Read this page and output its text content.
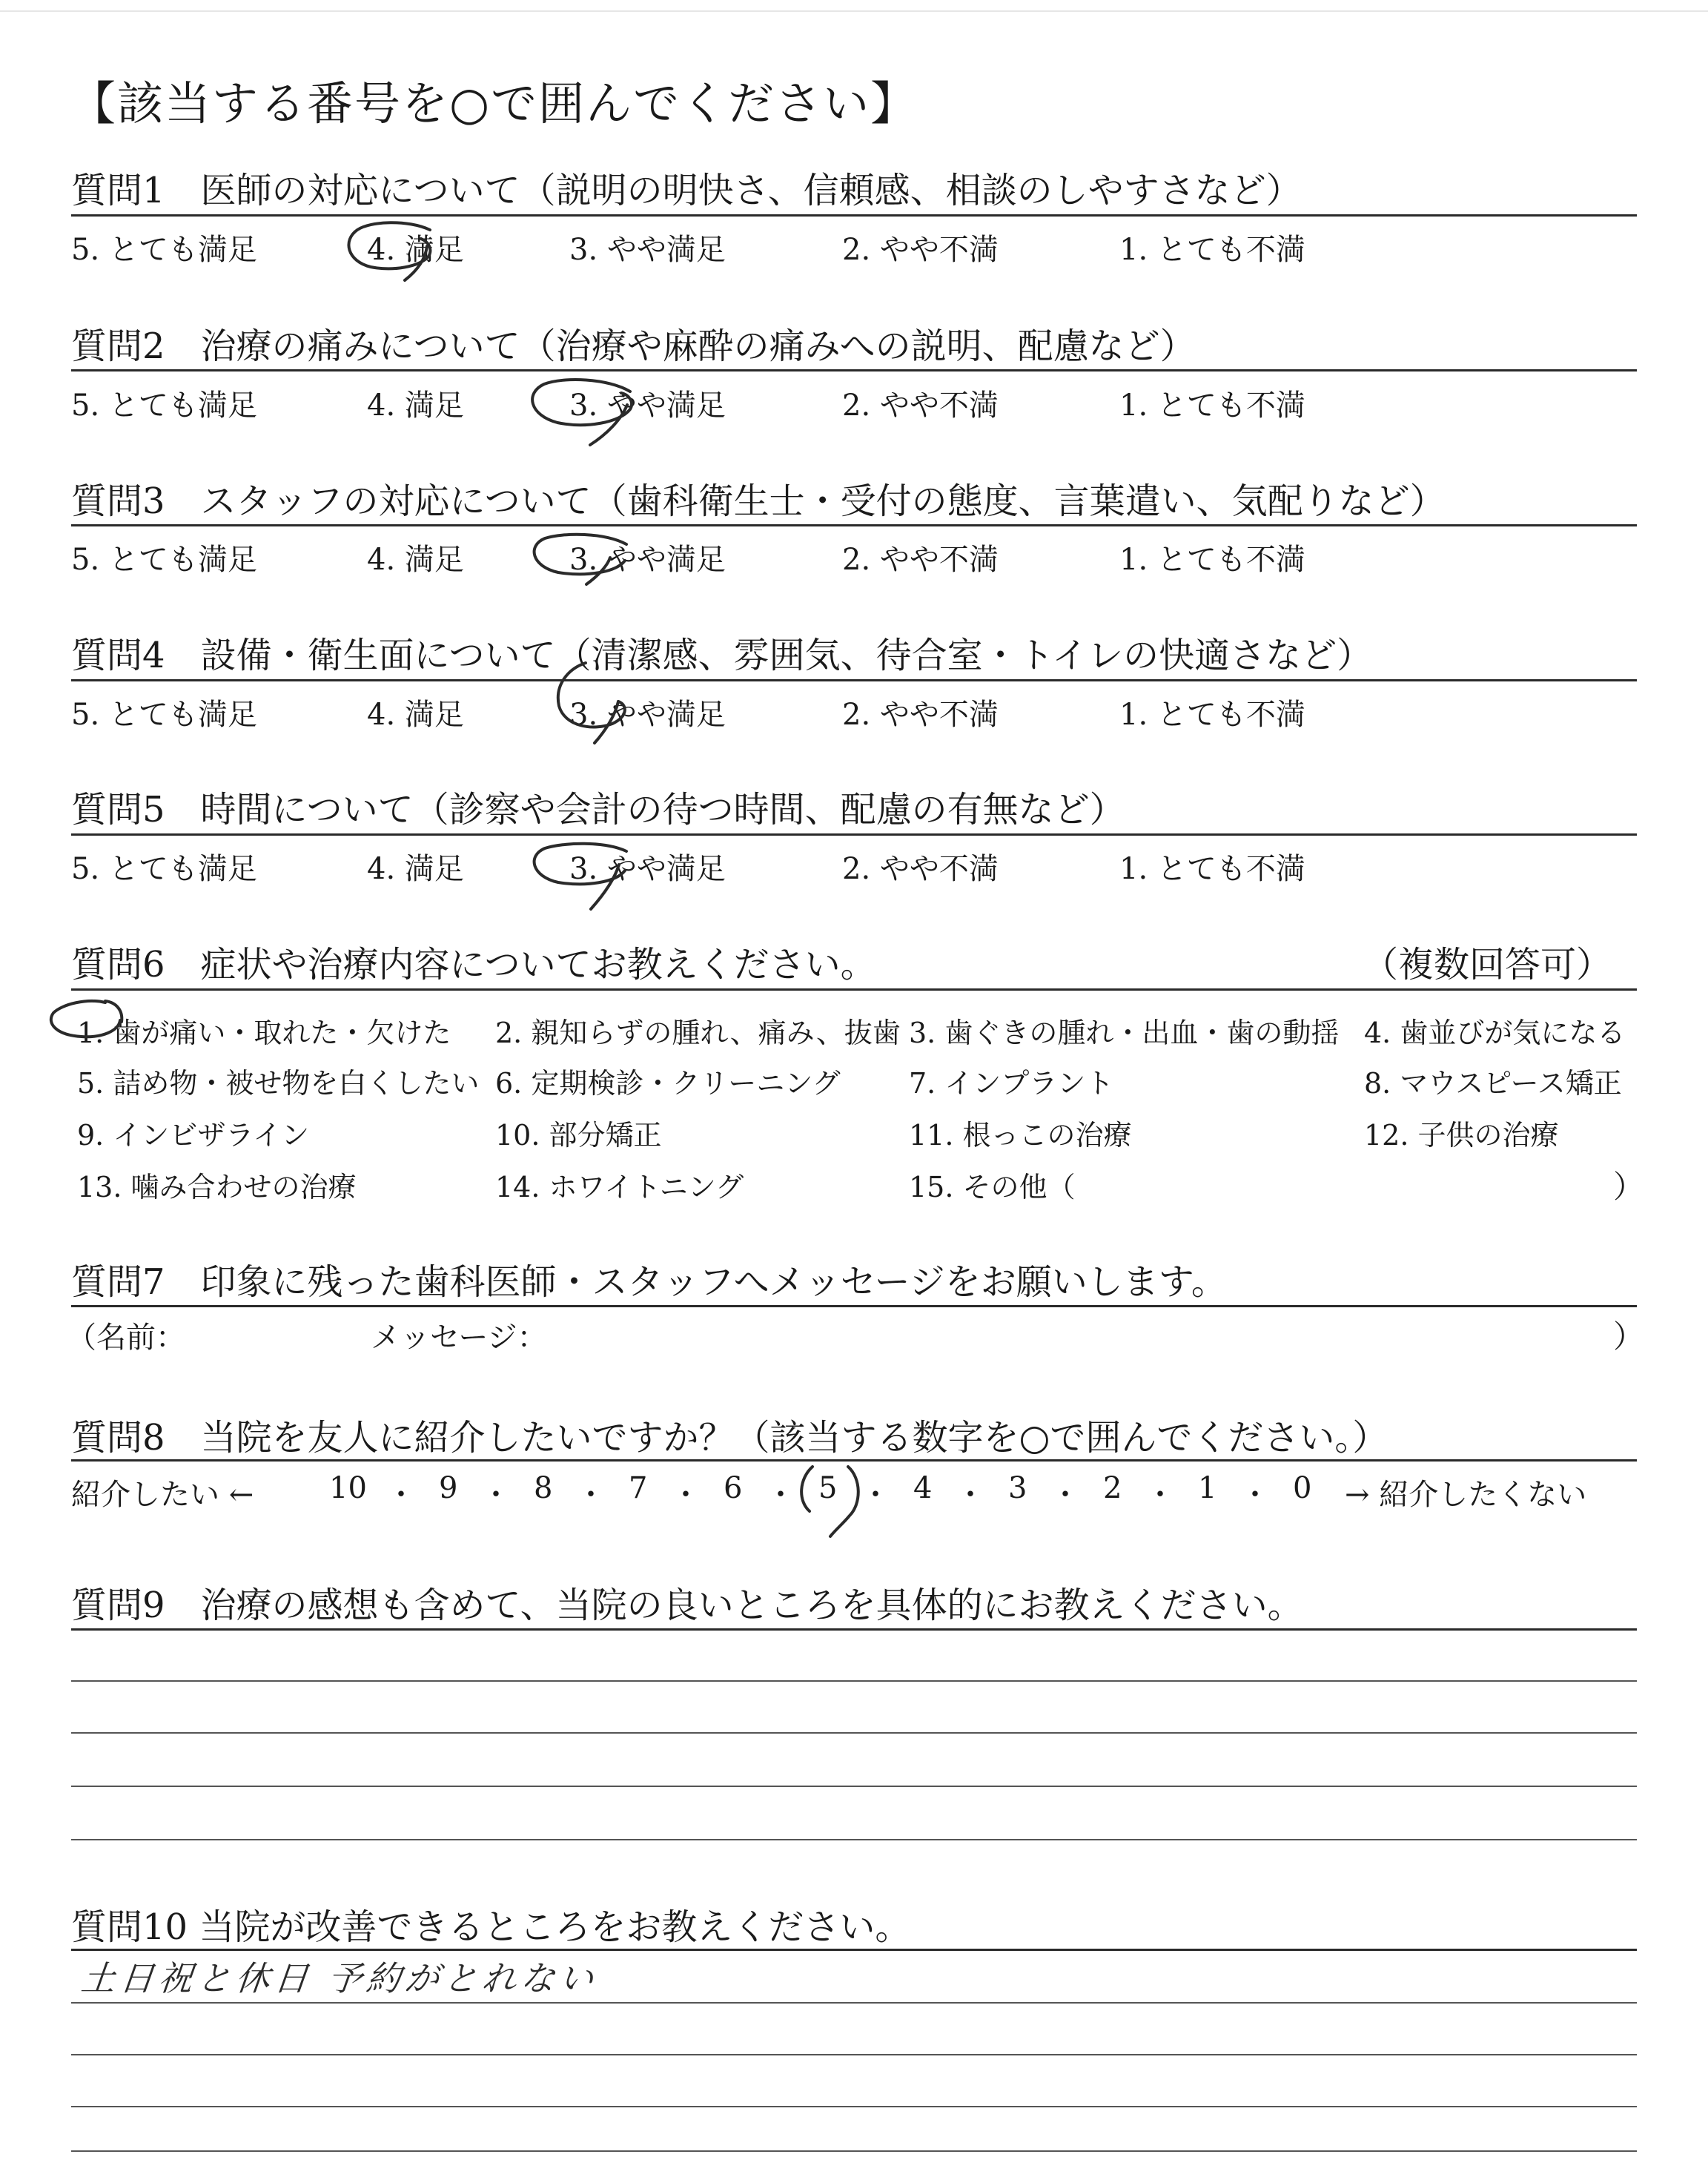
【該当する番号を○で囲んでください】
質問1　医師の対応について（説明の明快さ、信頼感、相談のしやすさなど）
5. とても満足	4. 満足	3. やや満足	2. やや不満	1. とても不満
質問2　治療の痛みについて（治療や麻酔の痛みへの説明、配慮など）
5. とても満足	4. 満足	3. やや満足	2. やや不満	1. とても不満
質問3　スタッフの対応について（歯科衛生士・受付の態度、言葉遣い、気配りなど）
5. とても満足	4. 満足	3. やや満足	2. やや不満	1. とても不満
質問4　設備・衛生面について（清潔感、雰囲気、待合室・トイレの快適さなど）
5. とても満足	4. 満足	3. やや満足	2. やや不満	1. とても不満
質問5　時間について（診察や会計の待つ時間、配慮の有無など）
5. とても満足	4. 満足	3. やや満足	2. やや不満	1. とても不満
質問6　症状や治療内容についてお教えください。	（複数回答可）
1. 歯が痛い・取れた・欠けた 2. 親知らずの腫れ、痛み、抜歯 3. 歯ぐきの腫れ・出血・歯の動揺 4. 歯並びが気になる
5. 詰め物・被せ物を白くしたい 6. 定期検診・クリーニング 7. インプラント	8. マウスピース矯正
9. インビザライン	10. 部分矯正	11. 根っこの治療	12. 子供の治療
13. 噛み合わせの治療	14. ホワイトニング	15. その他（	）
質問7　印象に残った歯科医師・スタッフへメッセージをお願いします。
（名前：	メッセージ：	）
質問8　当院を友人に紹介したいですか？（該当する数字を○で囲んでください。）
紹介したい ←	→ 紹介したくない
10 ・ 9 ・ 8 ・ 7 ・ 6 ・ 5 ・ 4 ・ 3 ・ 2 ・ 1 ・ 0
質問9　治療の感想も含めて、当院の良いところを具体的にお教えください。
質問10 当院が改善できるところをお教えください。
土日祝と休日 予約がとれない
